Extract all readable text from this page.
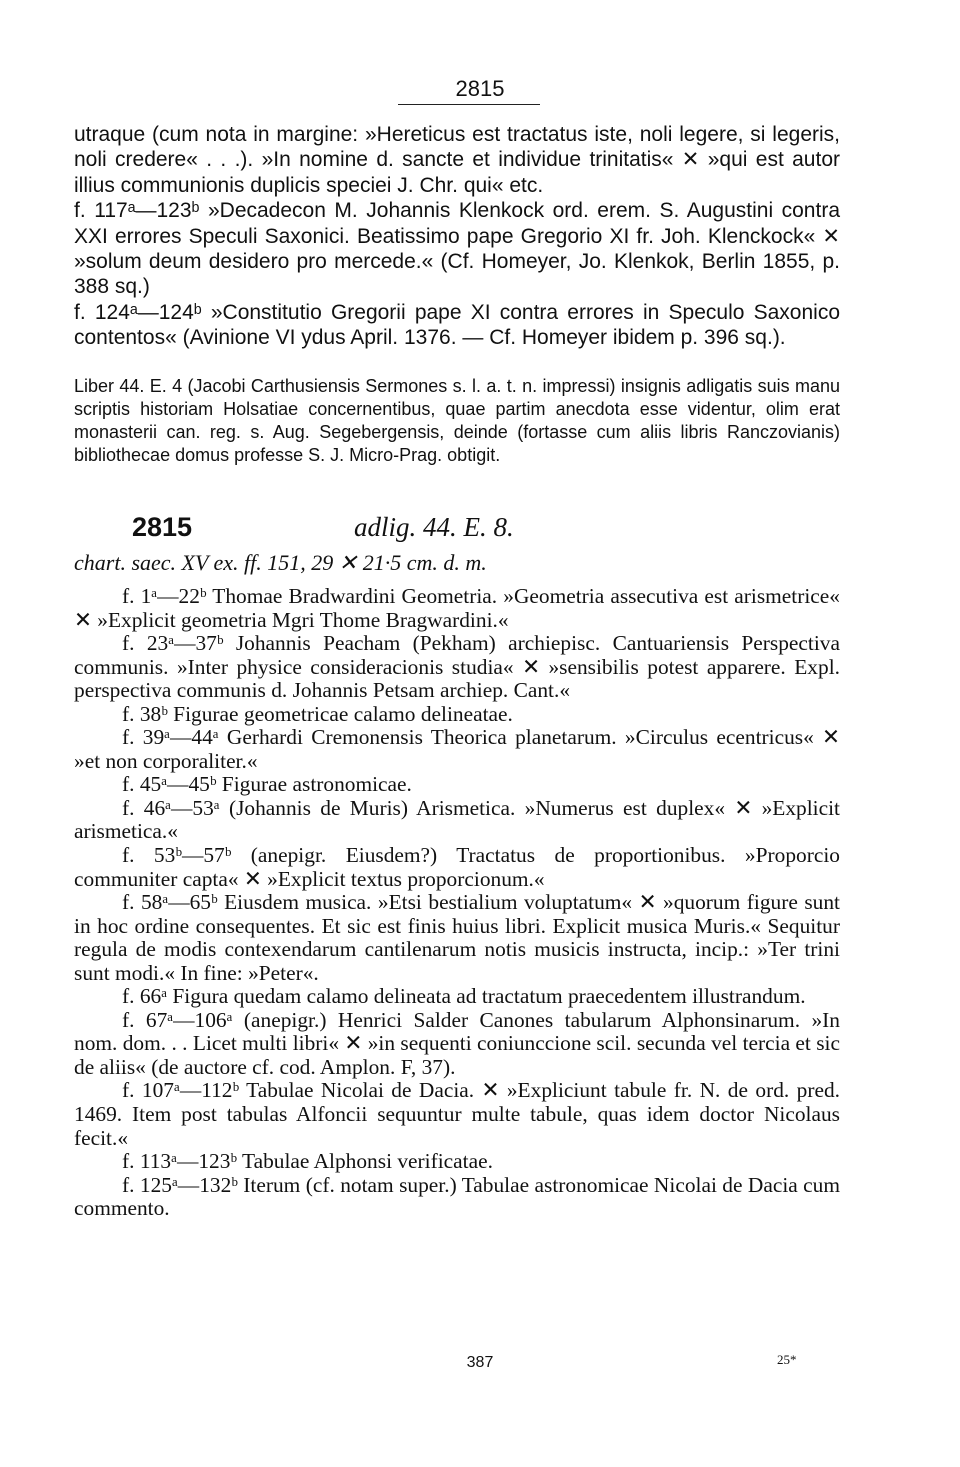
2815

utraque (cum nota in margine: »Hereticus est tractatus iste, noli legere, si legeris, noli credere« . . .). »In nomine d. sancte et individue trinitatis« ✕ »qui est autor illius communionis duplicis speciei J. Chr. qui« etc.

f. 117ᵃ—123ᵇ »Decadecon M. Johannis Klenkock ord. erem. S. Augustini contra XXI errores Speculi Saxonici. Beatissimo pape Gregorio XI fr. Joh. Klenckock« ✕ »solum deum desidero pro mercede.« (Cf. Homeyer, Jo. Klenkok, Berlin 1855, p. 388 sq.)

f. 124ᵃ—124ᵇ »Constitutio Gregorii pape XI contra errores in Speculo Saxonico contentos« (Avinione VI ydus April. 1376. — Cf. Homeyer ibidem p. 396 sq.).

Liber 44. E. 4 (Jacobi Carthusiensis Sermones s. l. a. t. n. impressi) insignis adligatis suis manu scriptis historiam Holsatiae concernentibus, quae partim anecdota esse videntur, olim erat monasterii can. reg. s. Aug. Segebergensis, deinde (fortasse cum aliis libris Ranczovianis) bibliothecae domus professe S. J. Micro-Prag. obtigit.

2815	adlig. 44. E. 8.
chart. saec. XV ex. ff. 151, 29 ✕ 21·5 cm. d. m.

f. 1ᵃ—22ᵇ Thomae Bradwardini Geometria. »Geometria assecutiva est arismetrice« ✕ »Explicit geometria Mgri Thome Bragwardini.«

f. 23ᵃ—37ᵇ Johannis Peacham (Pekham) archiepisc. Cantuariensis Perspectiva communis. »Inter physice consideracionis studia« ✕ »sensibilis potest apparere. Expl. perspectiva communis d. Johannis Petsam archiep. Cant.«

f. 38ᵇ Figurae geometricae calamo delineatae.

f. 39ᵃ—44ᵃ Gerhardi Cremonensis Theorica planetarum. »Circulus ecentricus« ✕ »et non corporaliter.«

f. 45ᵃ—45ᵇ Figurae astronomicae.

f. 46ᵃ—53ᵃ (Johannis de Muris) Arismetica. »Numerus est duplex« ✕ »Explicit arismetica.«

f. 53ᵇ—57ᵇ (anepigr. Eiusdem?) Tractatus de proportionibus. »Proporcio communiter capta« ✕ »Explicit textus proporcionum.«

f. 58ᵃ—65ᵇ Eiusdem musica. »Etsi bestialium voluptatum« ✕ »quorum figure sunt in hoc ordine consequentes. Et sic est finis huius libri. Explicit musica Muris.« Sequitur regula de modis contexendarum cantilenarum notis musicis instructa, incip.: »Ter trini sunt modi.« In fine: »Peter«.

f. 66ᵃ Figura quedam calamo delineata ad tractatum praecedentem illustrandum.

f. 67ᵃ—106ᵃ (anepigr.) Henrici Salder Canones tabularum Alphonsinarum. »In nom. dom. . . Licet multi libri« ✕ »in sequenti coniunccione scil. secunda vel tercia et sic de aliis« (de auctore cf. cod. Amplon. F, 37).

f. 107ᵃ—112ᵇ Tabulae Nicolai de Dacia. ✕ »Expliciunt tabule fr. N. de ord. pred. 1469. Item post tabulas Alfoncii sequuntur multe tabule, quas idem doctor Nicolaus fecit.«

f. 113ᵃ—123ᵇ Tabulae Alphonsi verificatae.

f. 125ᵃ—132ᵇ Iterum (cf. notam super.) Tabulae astronomicae Nicolai de Dacia cum commento.

387	25*
